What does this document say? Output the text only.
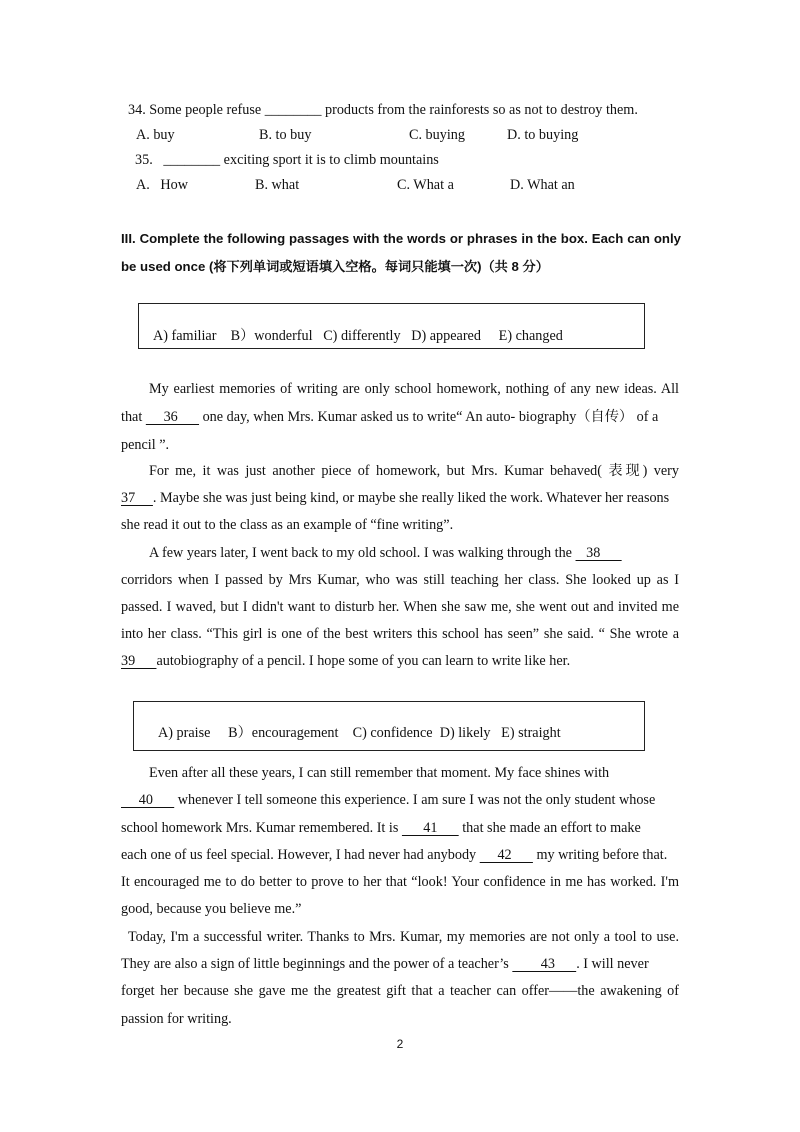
34. Some people refuse ________ products from the rainforests so as not to destroy them.
A. buy	B. to buy	C. buying	D. to buying
35.   ________ exciting sport it is to climb mountains
A.   How	B. what	C. What a	D. What an
III. Complete the following passages with the words or phrases in the box. Each can only be used once (将下列单词或短语填入空格。每词只能填一次)（共 8 分）
A) familiar B）wonderful C) differently D) appeared E) changed
My earliest memories of writing are only school homework, nothing of any new ideas. All
that      36       one day, when Mrs. Kumar asked us to write“ An auto- biography（自传） of a
pencil ”.
For me, it was just another piece of homework, but Mrs. Kumar behaved( 表现) very
37     . Maybe she was just being kind, or maybe she really liked the work. Whatever her reasons
she read it out to the class as an example of “fine writing”.
A few years later, I went back to my old school. I was walking through the    38
corridors when I passed by Mrs Kumar, who was still teaching her class. She looked up as I
passed. I waved, but I didn't want to disturb her. When she saw me, she went out and invited me
into her class. “This girl is one of the best writers this school has seen” she said. “ She wrote a
39      autobiography of a pencil. I hope some of you can learn to write like her.
A) praise B）encouragement C) confidence D) likely E) straight
Even after all these years, I can still remember that moment. My face shines with
40       whenever I tell someone this experience. I am sure I was not the only student whose
school homework Mrs. Kumar remembered. It is       41       that she made an effort to make
each one of us feel special. However, I had never had anybody      42       my writing before that.
It encouraged me to do better to prove to her that “look! Your confidence in me has worked. I'm
good, because you believe me.”
Today, I'm a successful writer. Thanks to Mrs. Kumar, my memories are not only a tool to use.
They are also a sign of little beginnings and the power of a teacher’s         43      . I will never
forget her because she gave me the greatest gift that a teacher can offer——the awakening of
passion for writing.
2
